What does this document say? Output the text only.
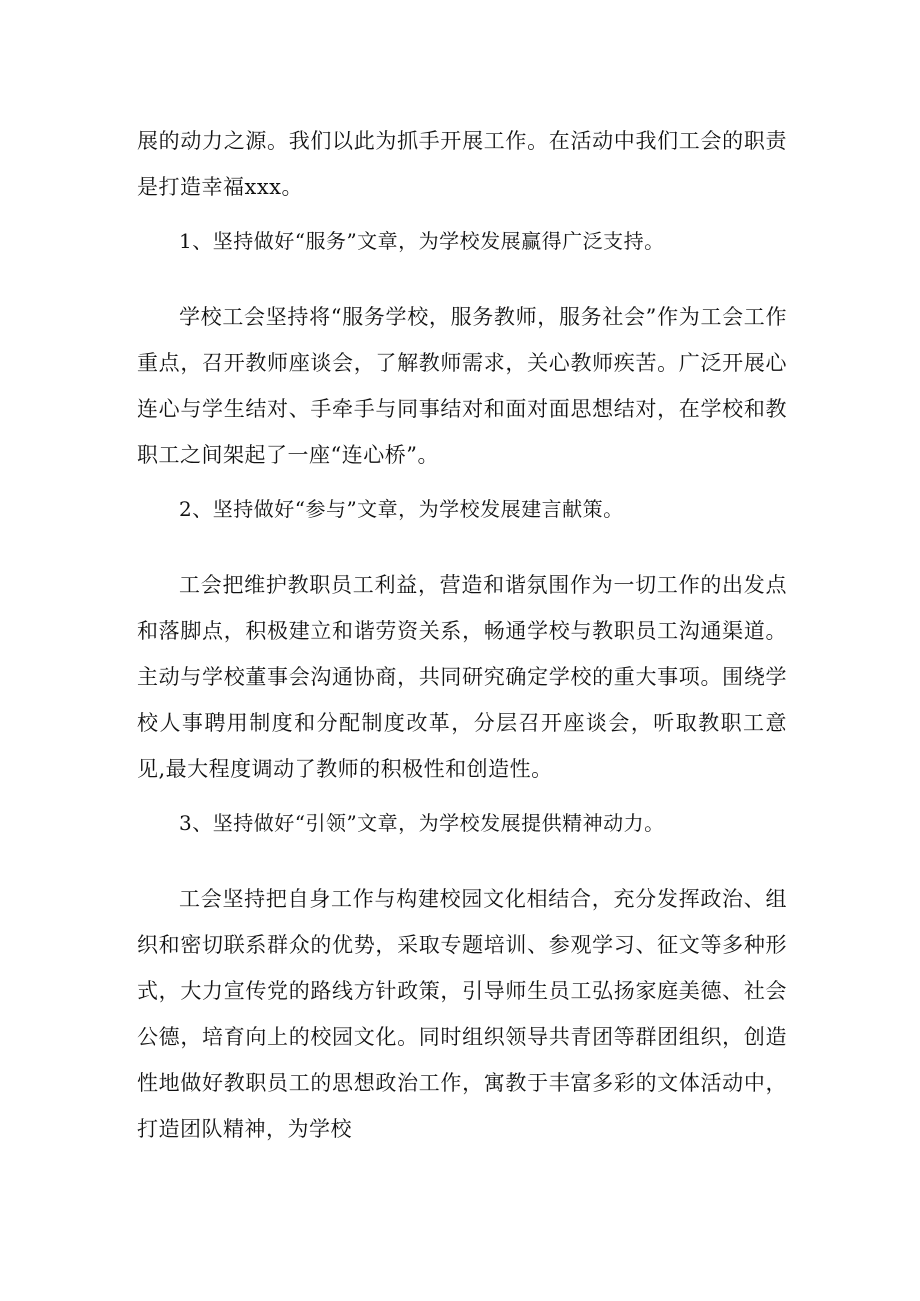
展的动力之源。我们以此为抓手开展工作。在活动中我们工会的职责是打造幸福xxx。

1、坚持做好“服务”文章，为学校发展赢得广泛支持。

学校工会坚持将“服务学校，服务教师，服务社会”作为工会工作重点，召开教师座谈会，了解教师需求，关心教师疾苦。广泛开展心连心与学生结对、手牵手与同事结对和面对面思想结对，在学校和教职工之间架起了一座“连心桥”。

2、坚持做好“参与”文章，为学校发展建言献策。

工会把维护教职员工利益，营造和谐氛围作为一切工作的出发点和落脚点，积极建立和谐劳资关系，畅通学校与教职员工沟通渠道。主动与学校董事会沟通协商，共同研究确定学校的重大事项。围绕学校人事聘用制度和分配制度改革，分层召开座谈会，听取教职工意见,最大程度调动了教师的积极性和创造性。

3、坚持做好“引领”文章，为学校发展提供精神动力。

工会坚持把自身工作与构建校园文化相结合，充分发挥政治、组织和密切联系群众的优势，采取专题培训、参观学习、征文等多种形式，大力宣传党的路线方针政策，引导师生员工弘扬家庭美德、社会公德，培育向上的校园文化。同时组织领导共青团等群团组织，创造性地做好教职员工的思想政治工作，寓教于丰富多彩的文体活动中，打造团队精神，为学校
